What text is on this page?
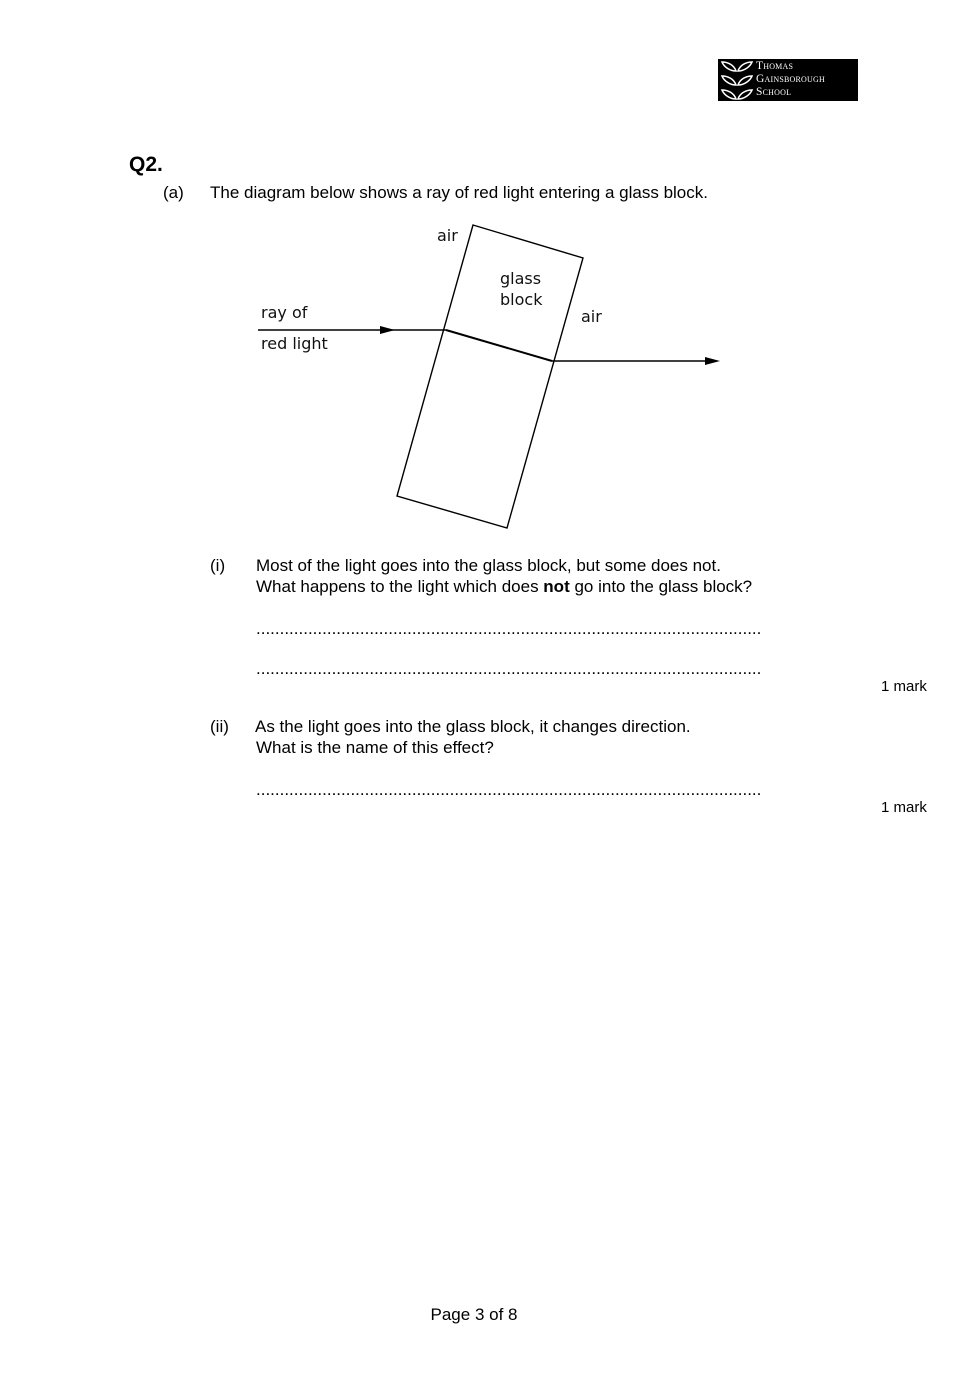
Thomas
Gainsborough
School
Q2.
(a) The diagram below shows a ray of red light entering a glass block.
air
glass
block
air
ray of
red light
(i) Most of the light goes into the glass block, but some does not.
What happens to the light which does not go into the glass block?
...........................................................................................................
...........................................................................................................
1 mark
(ii) As the light goes into the glass block, it changes direction.
What is the name of this effect?
...........................................................................................................
1 mark
Page 3 of 8
